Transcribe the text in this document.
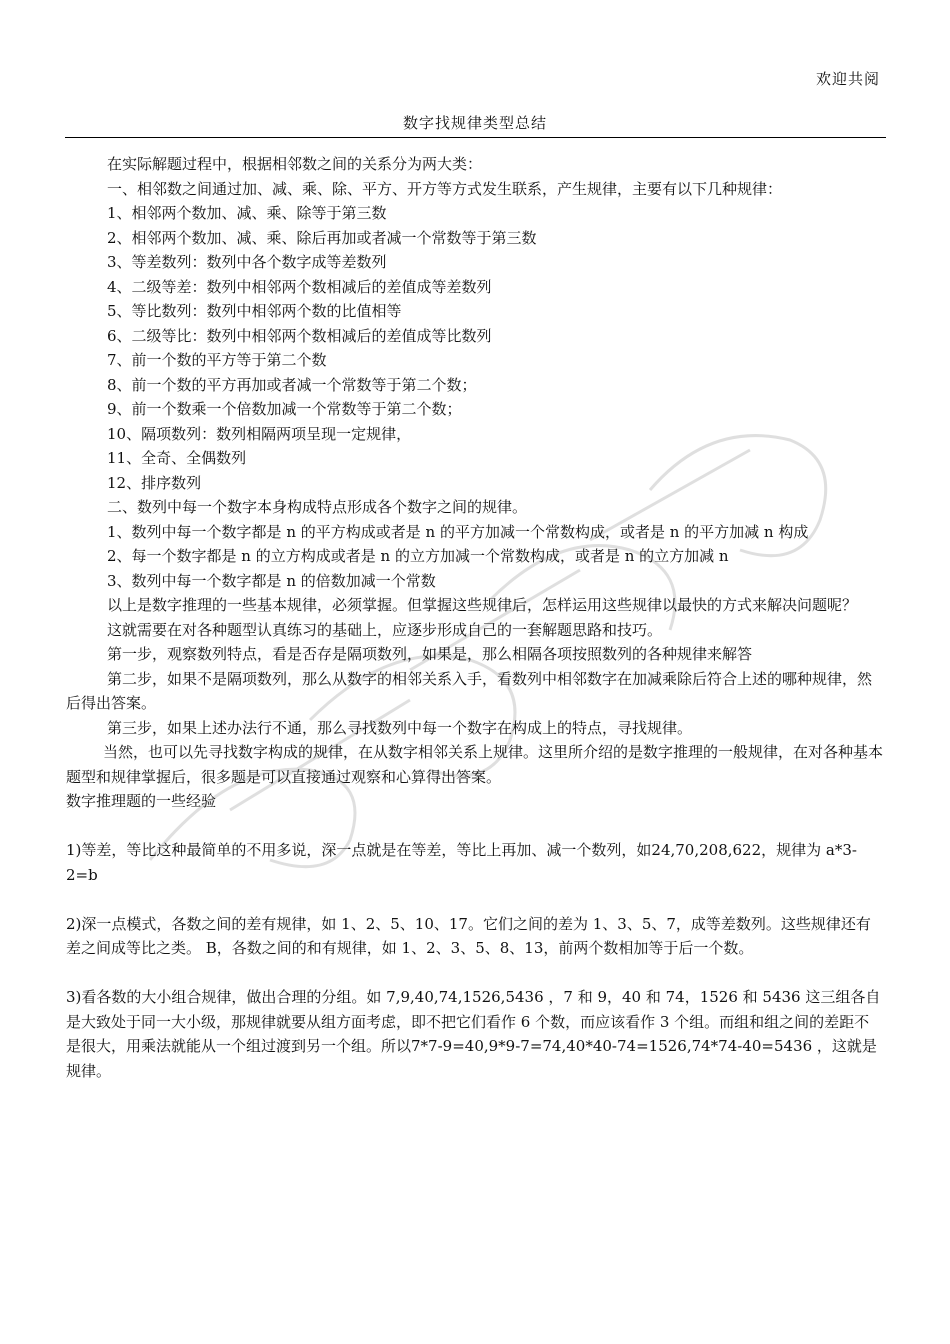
欢迎共阅
数字找规律类型总结

在实际解题过程中，根据相邻数之间的关系分为两大类：

一、相邻数之间通过加、减、乘、除、平方、开方等方式发生联系，产生规律，主要有以下几种规律：

1、相邻两个数加、减、乘、除等于第三数

2、相邻两个数加、减、乘、除后再加或者减一个常数等于第三数

3、等差数列：数列中各个数字成等差数列

4、二级等差：数列中相邻两个数相减后的差值成等差数列

5、等比数列：数列中相邻两个数的比值相等

6、二级等比：数列中相邻两个数相减后的差值成等比数列

7、前一个数的平方等于第二个数

8、前一个数的平方再加或者减一个常数等于第二个数；

9、前一个数乘一个倍数加减一个常数等于第二个数；

10、隔项数列：数列相隔两项呈现一定规律，

11、全奇、全偶数列

12、排序数列

二、数列中每一个数字本身构成特点形成各个数字之间的规律。

1、数列中每一个数字都是 n 的平方构成或者是 n 的平方加减一个常数构成，或者是 n 的平方加减 n 构成

2、每一个数字都是 n 的立方构成或者是 n 的立方加减一个常数构成，或者是 n 的立方加减 n

3、数列中每一个数字都是 n 的倍数加减一个常数

以上是数字推理的一些基本规律，必须掌握。但掌握这些规律后，怎样运用这些规律以最快的方式来解决问题呢？

这就需要在对各种题型认真练习的基础上，应逐步形成自己的一套解题思路和技巧。

第一步，观察数列特点，看是否存是隔项数列，如果是，那么相隔各项按照数列的各种规律来解答

第二步，如果不是隔项数列，那么从数字的相邻关系入手，看数列中相邻数字在加减乘除后符合上述的哪种规律，然后得出答案。

第三步，如果上述办法行不通，那么寻找数列中每一个数字在构成上的特点，寻找规律。

当然，也可以先寻找数字构成的规律，在从数字相邻关系上规律。这里所介绍的是数字推理的一般规律，在对各种基本题型和规律掌握后，很多题是可以直接通过观察和心算得出答案。

数字推理题的一些经验

1)等差，等比这种最简单的不用多说，深一点就是在等差，等比上再加、减一个数列，如24,70,208,622，规律为 a*3-2=b

2)深一点模式，各数之间的差有规律，如 1、2、5、10、17。它们之间的差为 1、3、5、7，成等差数列。这些规律还有差之间成等比之类。 B，各数之间的和有规律，如 1、2、3、5、8、13，前两个数相加等于后一个数。

3)看各数的大小组合规律，做出合理的分组。如 7,9,40,74,1526,5436 ，7 和 9，40 和 74，1526 和 5436 这三组各自是大致处于同一大小级，那规律就要从组方面考虑，即不把它们看作 6 个数，而应该看作 3 个组。而组和组之间的差距不是很大，用乘法就能从一个组过渡到另一个组。所以7*7-9=40,9*9-7=74,40*40-74=1526,74*74-40=5436 ，这就是规律。
